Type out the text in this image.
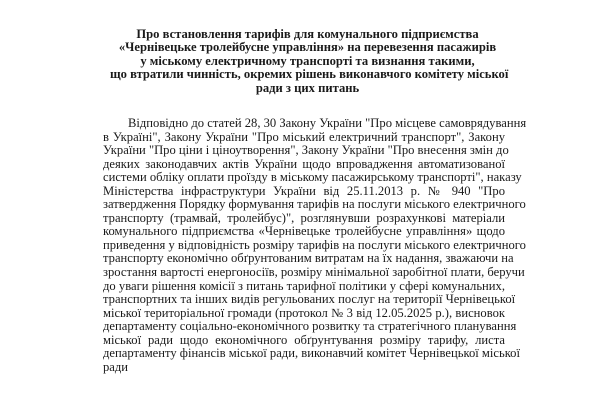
Про встановлення тарифів для комунального підприємства
«Чернівецьке тролейбусне управління» на перевезення пасажирів
у міському електричному транспорті та визнання такими,
що втратили чинність, окремих рішень виконавчого комітету міської
ради з цих питань
Відповідно до статей 28, 30 Закону України "Про місцеве самоврядування
в Україні", Закону України "Про міський електричний транспорт", Закону
України "Про ціни і ціноутворення", Закону України "Про внесення змін до
деяких законодавчих актів України щодо впровадження автоматизованої
системи обліку оплати проїзду в міському пасажирському транспорті", наказу
Міністерства інфраструктури України від 25.11.2013 р. № 940 "Про
затвердження Порядку формування тарифів на послуги міського електричного
транспорту (трамвай, тролейбус)", розглянувши розрахункові матеріали
комунального підприємства «Чернівецьке тролейбусне управління» щодо
приведення у відповідність розміру тарифів на послуги міського електричного
транспорту економічно обґрунтованим витратам на їх надання, зважаючи на
зростання вартості енергоносіїв, розміру мінімальної заробітної плати, беручи
до уваги рішення комісії з питань тарифної політики у сфері комунальних,
транспортних та інших видів регульованих послуг на території Чернівецької
міської територіальної громади (протокол № 3 від 12.05.2025 р.), висновок
департаменту соціально-економічного розвитку та стратегічного планування
міської ради щодо економічного обґрунтування розміру тарифу, листа
департаменту фінансів міської ради, виконавчий комітет Чернівецької міської
ради
